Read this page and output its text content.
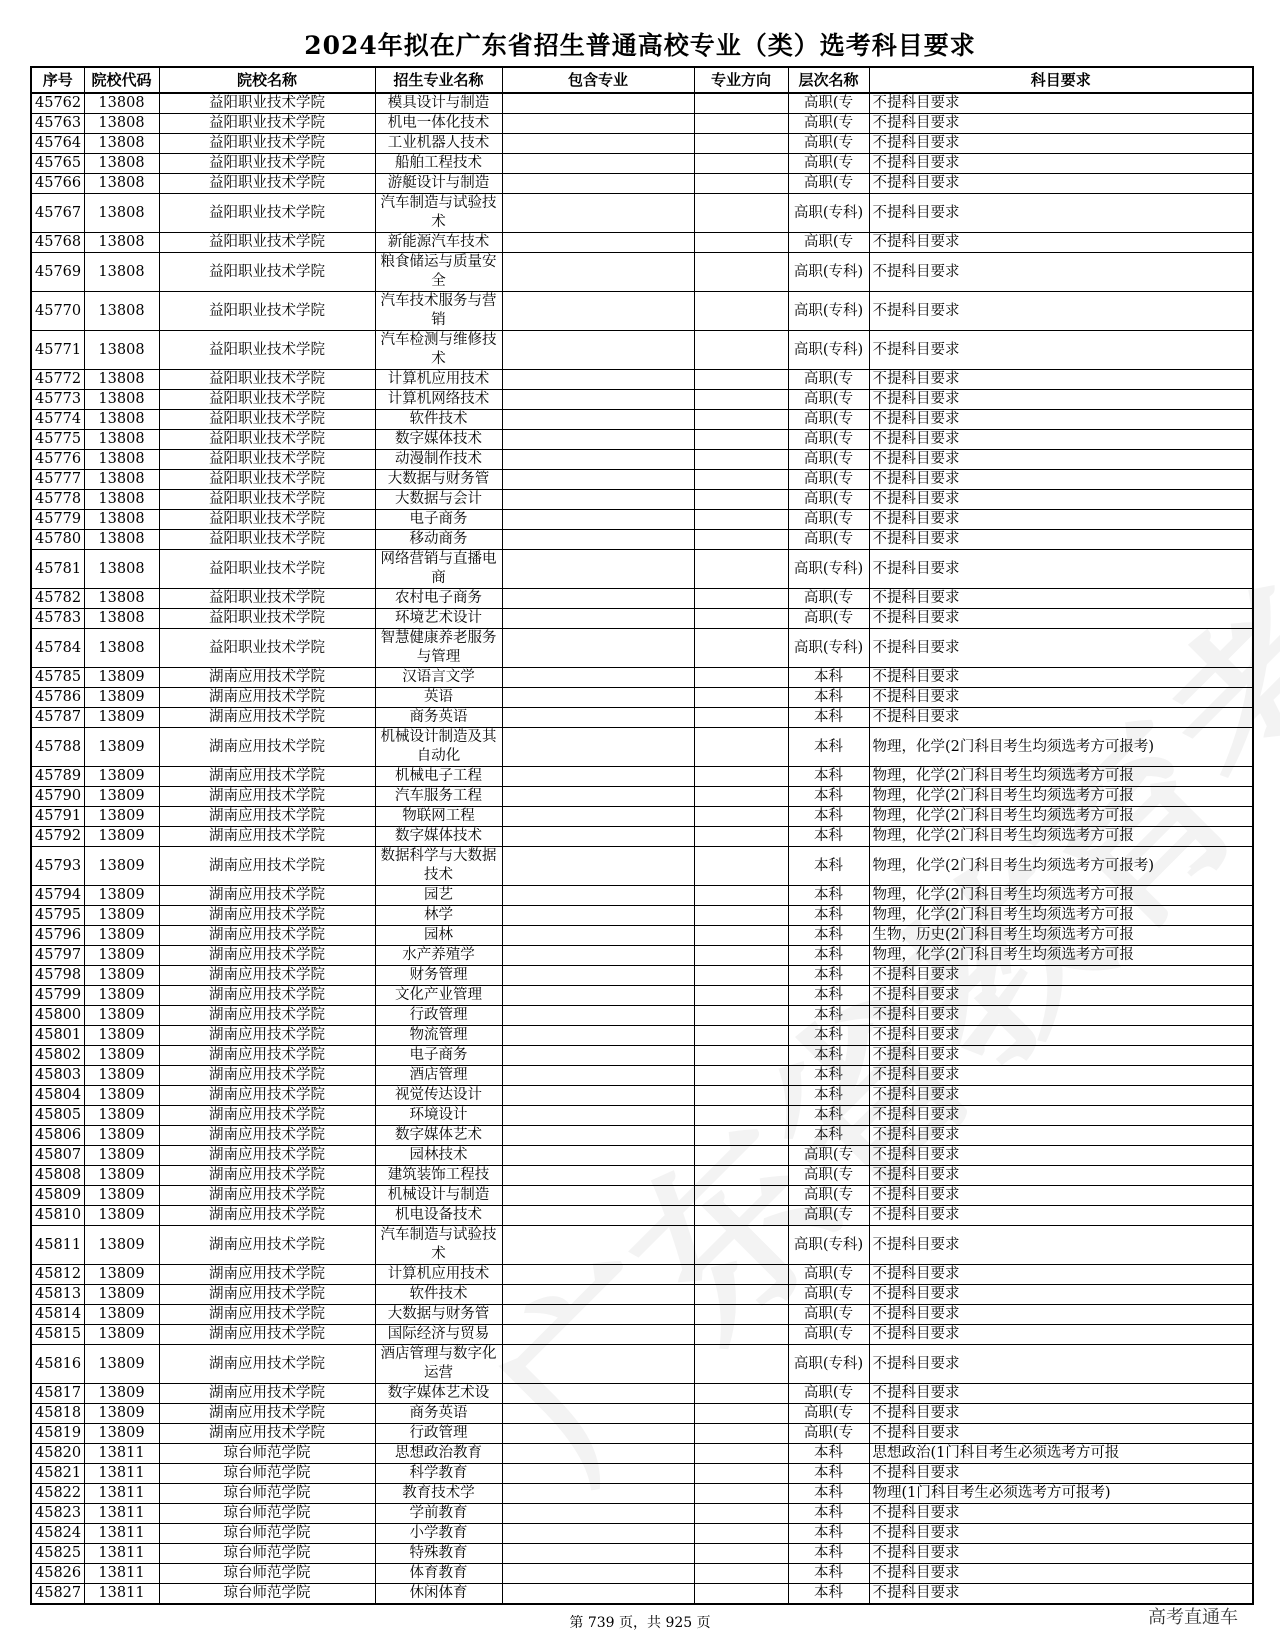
2024年拟在广东省招生普通高校专业（类）选考科目要求
序号	院校代码	院校名称	招生专业名称	包含专业	专业方向	层次名称	科目要求
45762	13808	益阳职业技术学院	模具设计与制造			高职(专	不提科目要求
45763	13808	益阳职业技术学院	机电一体化技术			高职(专	不提科目要求
45764	13808	益阳职业技术学院	工业机器人技术			高职(专	不提科目要求
45765	13808	益阳职业技术学院	船舶工程技术			高职(专	不提科目要求
45766	13808	益阳职业技术学院	游艇设计与制造			高职(专	不提科目要求
45767	13808	益阳职业技术学院	汽车制造与试验技术			高职(专科)	不提科目要求
45768	13808	益阳职业技术学院	新能源汽车技术			高职(专	不提科目要求
45769	13808	益阳职业技术学院	粮食储运与质量安全			高职(专科)	不提科目要求
45770	13808	益阳职业技术学院	汽车技术服务与营销			高职(专科)	不提科目要求
45771	13808	益阳职业技术学院	汽车检测与维修技术			高职(专科)	不提科目要求
45772	13808	益阳职业技术学院	计算机应用技术			高职(专	不提科目要求
45773	13808	益阳职业技术学院	计算机网络技术			高职(专	不提科目要求
45774	13808	益阳职业技术学院	软件技术			高职(专	不提科目要求
45775	13808	益阳职业技术学院	数字媒体技术			高职(专	不提科目要求
45776	13808	益阳职业技术学院	动漫制作技术			高职(专	不提科目要求
45777	13808	益阳职业技术学院	大数据与财务管			高职(专	不提科目要求
45778	13808	益阳职业技术学院	大数据与会计			高职(专	不提科目要求
45779	13808	益阳职业技术学院	电子商务			高职(专	不提科目要求
45780	13808	益阳职业技术学院	移动商务			高职(专	不提科目要求
45781	13808	益阳职业技术学院	网络营销与直播电商			高职(专科)	不提科目要求
45782	13808	益阳职业技术学院	农村电子商务			高职(专	不提科目要求
45783	13808	益阳职业技术学院	环境艺术设计			高职(专	不提科目要求
45784	13808	益阳职业技术学院	智慧健康养老服务与管理			高职(专科)	不提科目要求
45785	13809	湖南应用技术学院	汉语言文学			本科	不提科目要求
45786	13809	湖南应用技术学院	英语			本科	不提科目要求
45787	13809	湖南应用技术学院	商务英语			本科	不提科目要求
45788	13809	湖南应用技术学院	机械设计制造及其自动化			本科	物理，化学(2门科目考生均须选考方可报考)
45789	13809	湖南应用技术学院	机械电子工程			本科	物理，化学(2门科目考生均须选考方可报
45790	13809	湖南应用技术学院	汽车服务工程			本科	物理，化学(2门科目考生均须选考方可报
45791	13809	湖南应用技术学院	物联网工程			本科	物理，化学(2门科目考生均须选考方可报
45792	13809	湖南应用技术学院	数字媒体技术			本科	物理，化学(2门科目考生均须选考方可报
45793	13809	湖南应用技术学院	数据科学与大数据技术			本科	物理，化学(2门科目考生均须选考方可报考)
45794	13809	湖南应用技术学院	园艺			本科	物理，化学(2门科目考生均须选考方可报
45795	13809	湖南应用技术学院	林学			本科	物理，化学(2门科目考生均须选考方可报
45796	13809	湖南应用技术学院	园林			本科	生物，历史(2门科目考生均须选考方可报
45797	13809	湖南应用技术学院	水产养殖学			本科	物理，化学(2门科目考生均须选考方可报
45798	13809	湖南应用技术学院	财务管理			本科	不提科目要求
45799	13809	湖南应用技术学院	文化产业管理			本科	不提科目要求
45800	13809	湖南应用技术学院	行政管理			本科	不提科目要求
45801	13809	湖南应用技术学院	物流管理			本科	不提科目要求
45802	13809	湖南应用技术学院	电子商务			本科	不提科目要求
45803	13809	湖南应用技术学院	酒店管理			本科	不提科目要求
45804	13809	湖南应用技术学院	视觉传达设计			本科	不提科目要求
45805	13809	湖南应用技术学院	环境设计			本科	不提科目要求
45806	13809	湖南应用技术学院	数字媒体艺术			本科	不提科目要求
45807	13809	湖南应用技术学院	园林技术			高职(专	不提科目要求
45808	13809	湖南应用技术学院	建筑装饰工程技			高职(专	不提科目要求
45809	13809	湖南应用技术学院	机械设计与制造			高职(专	不提科目要求
45810	13809	湖南应用技术学院	机电设备技术			高职(专	不提科目要求
45811	13809	湖南应用技术学院	汽车制造与试验技术			高职(专科)	不提科目要求
45812	13809	湖南应用技术学院	计算机应用技术			高职(专	不提科目要求
45813	13809	湖南应用技术学院	软件技术			高职(专	不提科目要求
45814	13809	湖南应用技术学院	大数据与财务管			高职(专	不提科目要求
45815	13809	湖南应用技术学院	国际经济与贸易			高职(专	不提科目要求
45816	13809	湖南应用技术学院	酒店管理与数字化运营			高职(专科)	不提科目要求
45817	13809	湖南应用技术学院	数字媒体艺术设			高职(专	不提科目要求
45818	13809	湖南应用技术学院	商务英语			高职(专	不提科目要求
45819	13809	湖南应用技术学院	行政管理			高职(专	不提科目要求
45820	13811	琼台师范学院	思想政治教育			本科	思想政治(1门科目考生必须选考方可报
45821	13811	琼台师范学院	科学教育			本科	不提科目要求
45822	13811	琼台师范学院	教育技术学			本科	物理(1门科目考生必须选考方可报考)
45823	13811	琼台师范学院	学前教育			本科	不提科目要求
45824	13811	琼台师范学院	小学教育			本科	不提科目要求
45825	13811	琼台师范学院	特殊教育			本科	不提科目要求
45826	13811	琼台师范学院	体育教育			本科	不提科目要求
45827	13811	琼台师范学院	休闲体育			本科	不提科目要求
第 739 页，共 925 页	高考直通车
